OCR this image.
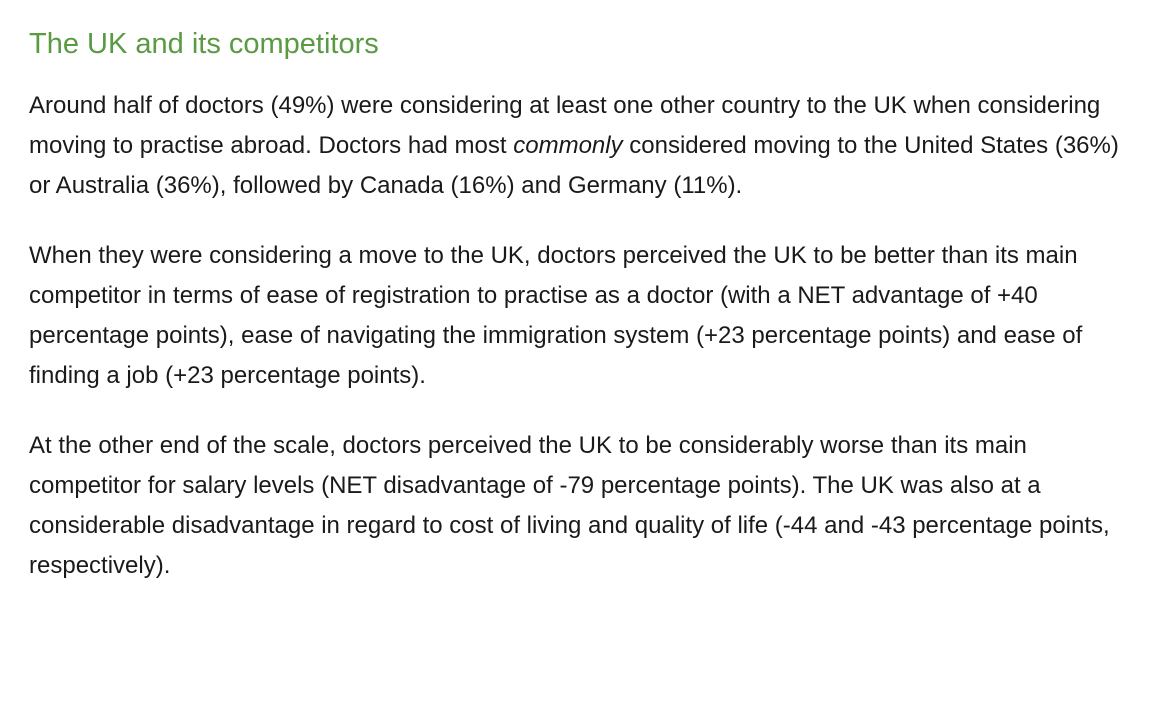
The UK and its competitors

Around half of doctors (49%) were considering at least one other country to the UK when considering moving to practise abroad. Doctors had most commonly considered moving to the United States (36%) or Australia (36%), followed by Canada (16%) and Germany (11%).

When they were considering a move to the UK, doctors perceived the UK to be better than its main competitor in terms of ease of registration to practise as a doctor (with a NET advantage of +40 percentage points), ease of navigating the immigration system (+23 percentage points) and ease of finding a job (+23 percentage points).

At the other end of the scale, doctors perceived the UK to be considerably worse than its main competitor for salary levels (NET disadvantage of -79 percentage points). The UK was also at a considerable disadvantage in regard to cost of living and quality of life (-44 and -43 percentage points, respectively).
